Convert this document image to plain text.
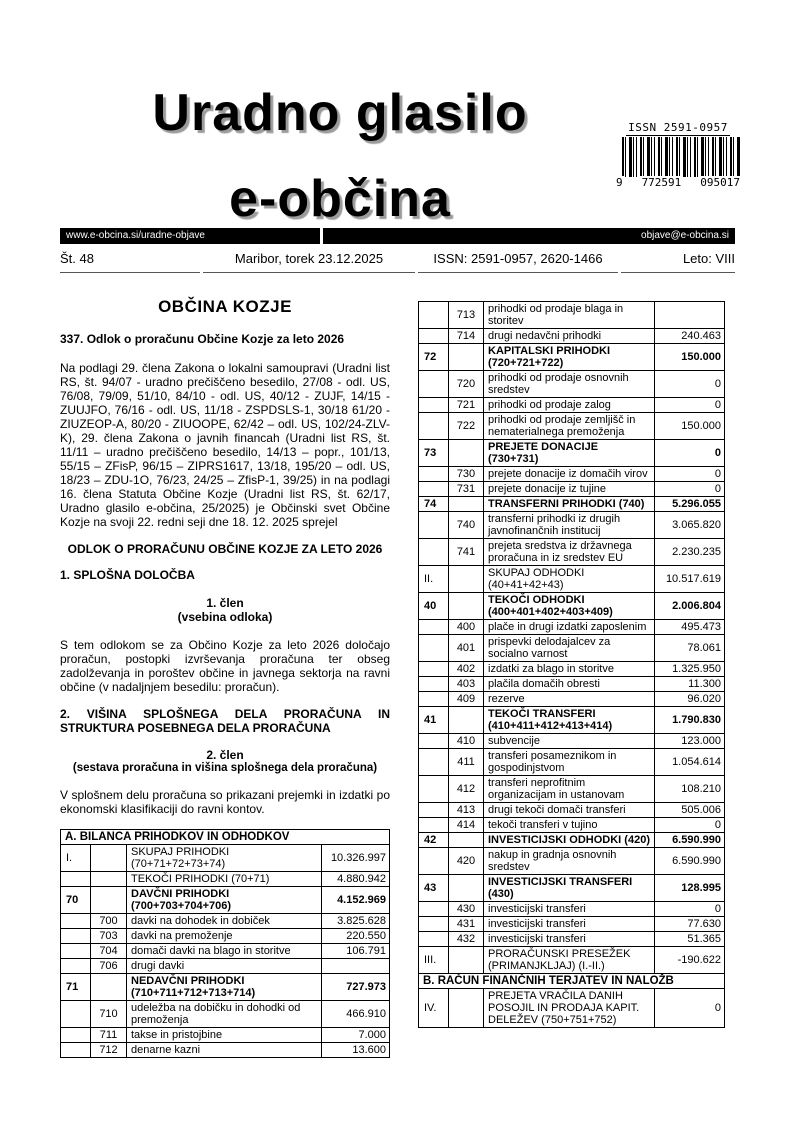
Uradno glasilo
e-občina
ISSN 2591-0957
9 772591 095017
www.e-obcina.si/uradne-objave	objave@e-obcina.si
Št. 48	Maribor, torek 23.12.2025	ISSN: 2591-0957, 2620-1466	Leto: VIII
OBČINA KOZJE
337. Odlok o proračunu Občine Kozje za leto 2026
Na podlagi 29. člena Zakona o lokalni samoupravi (Uradni list RS, št. 94/07 - uradno prečiščeno besedilo, 27/08 - odl. US, 76/08, 79/09, 51/10, 84/10 - odl. US, 40/12 - ZUJF, 14/15 - ZUUJFO, 76/16 - odl. US, 11/18 - ZSPDSLS-1, 30/18 61/20 - ZIUZEOP-A, 80/20 - ZIUOOPE, 62/42 – odl. US, 102/24-ZLV-K), 29. člena Zakona o javnih financah (Uradni list RS, št. 11/11 – uradno prečiščeno besedilo, 14/13 – popr., 101/13, 55/15 – ZFisP, 96/15 – ZIPRS1617, 13/18, 195/20 – odl. US, 18/23 – ZDU-1O, 76/23, 24/25 – ZfisP-1, 39/25) in na podlagi 16. člena Statuta Občine Kozje (Uradni list RS, št. 62/17, Uradno glasilo e-občina, 25/2025) je Občinski svet Občine Kozje na svoji 22. redni seji dne 18. 12. 2025 sprejel
ODLOK O PRORAČUNU OBČINE KOZJE ZA LETO 2026
1. SPLOŠNA DOLOČBA
1. člen
(vsebina odloka)
S tem odlokom se za Občino Kozje za leto 2026 določajo proračun, postopki izvrševanja proračuna ter obseg zadolževanja in poroštev občine in javnega sektorja na ravni občine (v nadaljnjem besedilu: proračun).
2. VIŠINA SPLOŠNEGA DELA PRORAČUNA IN STRUKTURA POSEBNEGA DELA PRORAČUNA
2. člen
(sestava proračuna in višina splošnega dela proračuna)
V splošnem delu proračuna so prikazani prejemki in izdatki po ekonomski klasifikaciji do ravni kontov.
A. BILANCA PRIHODKOV IN ODHODKOV			
I.		SKUPAJ PRIHODKI (70+71+72+73+74)	10.326.997
		TEKOČI PRIHODKI (70+71)	4.880.942
70		DAVČNI PRIHODKI (700+703+704+706)	4.152.969
	700	davki na dohodek in dobiček	3.825.628
	703	davki na premoženje	220.550
	704	domači davki na blago in storitve	106.791
	706	drugi davki	
71		NEDAVČNI PRIHODKI (710+711+712+713+714)	727.973
	710	udeležba na dobičku in dohodki od premoženja	466.910
	711	takse in pristojbine	7.000
	712	denarne kazni	13.600
	713	prihodki od prodaje blaga in storitev	
	714	drugi nedavčni prihodki	240.463
72		KAPITALSKI PRIHODKI (720+721+722)	150.000
	720	prihodki od prodaje osnovnih sredstev	0
	721	prihodki od prodaje zalog	0
	722	prihodki od prodaje zemljišč in nematerialnega premoženja	150.000
73		PREJETE DONACIJE (730+731)	0
	730	prejete donacije iz domačih virov	0
	731	prejete donacije iz tujine	0
74		TRANSFERNI PRIHODKI (740)	5.296.055
	740	transferni prihodki iz drugih javnofinančnih institucij	3.065.820
	741	prejeta sredstva iz državnega proračuna in iz sredstev EU	2.230.235
II.		SKUPAJ ODHODKI (40+41+42+43)	10.517.619
40		TEKOČI ODHODKI (400+401+402+403+409)	2.006.804
	400	plače in drugi izdatki zaposlenim	495.473
	401	prispevki delodajalcev za socialno varnost	78.061
	402	izdatki za blago in storitve	1.325.950
	403	plačila domačih obresti	11.300
	409	rezerve	96.020
41		TEKOČI TRANSFERI (410+411+412+413+414)	1.790.830
	410	subvencije	123.000
	411	transferi posameznikom in gospodinjstvom	1.054.614
	412	transferi neprofitnim organizacijam in ustanovam	108.210
	413	drugi tekoči domači transferi	505.006
	414	tekoči transferi v tujino	0
42		INVESTICIJSKI ODHODKI (420)	6.590.990
	420	nakup in gradnja osnovnih sredstev	6.590.990
43		INVESTICIJSKI TRANSFERI (430)	128.995
	430	investicijski transferi	0
	431	investicijski transferi	77.630
	432	investicijski transferi	51.365
III.		PRORAČUNSKI PRESEŽEK (PRIMANJKLJAJ) (I.-II.)	-190.622
B. RAČUN FINANČNIH TERJATEV IN NALOŽB			
IV.		PREJETA VRAČILA DANIH POSOJIL IN PRODAJA KAPIT. DELEŽEV (750+751+752)	0
